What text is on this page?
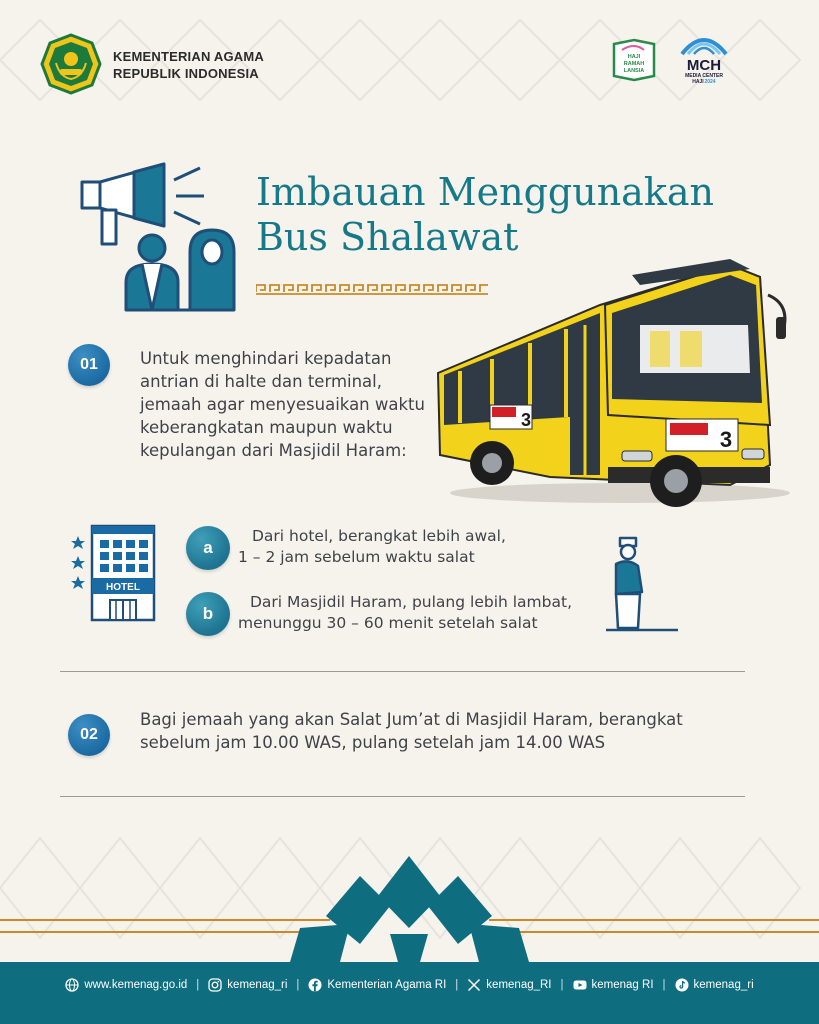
KEMENTERIAN AGAMA
REPUBLIK INDONESIA
HAJI
RAMAH
LANSIA	MCH
MEDIA CENTER
HAJI 2024
Imbauan Menggunakan
Bus Shalawat
3
3
01	Untuk menghindari kepadatan antrian di halte dan terminal, jemaah agar menyesuaikan waktu keberangkatan maupun waktu kepulangan dari Masjidil Haram:
HOTEL
a
Dari hotel, berangkat lebih awal,
1 – 2 jam sebelum waktu salat
b
Dari Masjidil Haram, pulang lebih lambat,
menunggu 30 – 60 menit setelah salat
02
Bagi jemaah yang akan Salat Jum’at di Masjidil Haram, berangkat
sebelum jam 10.00 WAS, pulang setelah jam 14.00 WAS
www.kemenag.go.id | kemenag_ri | Kementerian Agama RI | kemenag_RI | kemenag RI | kemenag_ri
